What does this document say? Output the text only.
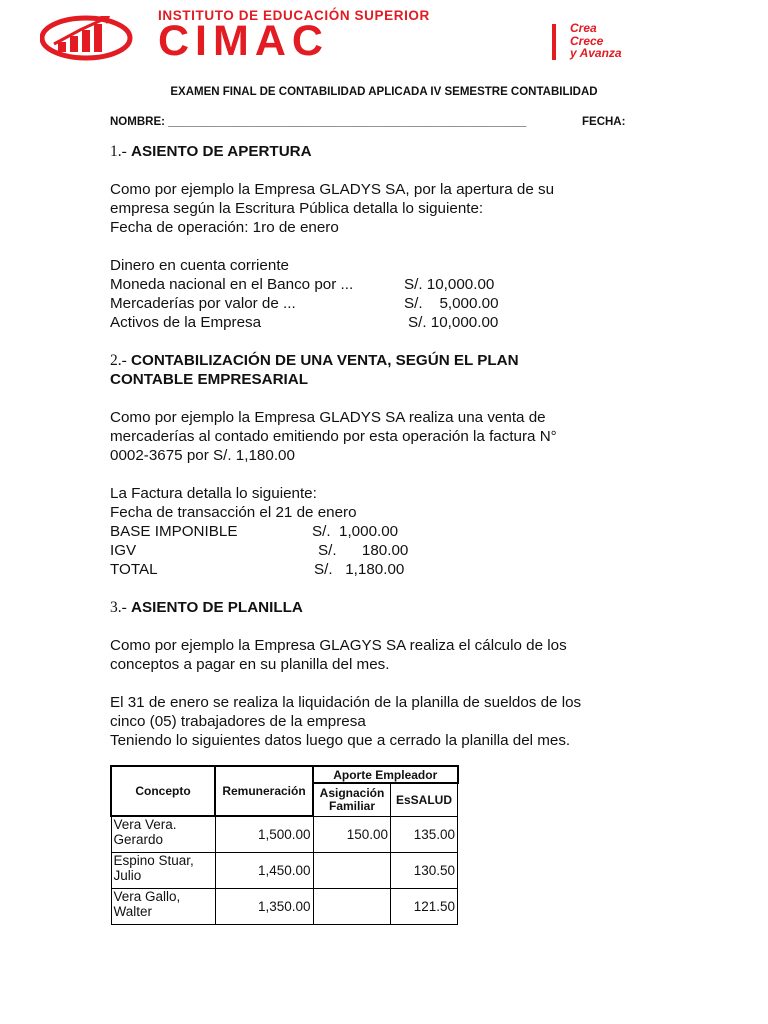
INSTITUTO DE EDUCACIÓN SUPERIOR
CIMAC	Crea
Crece
y Avanza
EXAMEN FINAL DE CONTABILIDAD APLICADA IV SEMESTRE CONTABILIDAD
NOMBRE: ________________________________________________________	FECHA:

1.- ASIENTO DE APERTURA

Como por ejemplo la Empresa GLADYS SA, por la apertura de su

empresa según la Escritura Pública detalla lo siguiente:

Fecha de operación: 1ro de enero

Dinero en cuenta corriente

Moneda nacional en el Banco por ...	S/. 10,000.00
Mercaderías por valor de ...	S/.    5,000.00
Activos de la Empresa	S/. 10,000.00

2.- CONTABILIZACIÓN DE UNA VENTA, SEGÚN EL PLAN

CONTABLE EMPRESARIAL

Como por ejemplo la Empresa GLADYS SA realiza una venta de

mercaderías al contado emitiendo por esta operación la factura N°

0002-3675 por S/. 1,180.00

La Factura detalla lo siguiente:

Fecha de transacción el 21 de enero

BASE IMPONIBLE	S/.  1,000.00
IGV	S/.      180.00
TOTAL	S/.   1,180.00

3.- ASIENTO DE PLANILLA

Como por ejemplo la Empresa GLAGYS SA realiza el cálculo de los

conceptos a pagar en su planilla del mes.

El 31 de enero se realiza la liquidación de la planilla de sueldos de los

cinco (05) trabajadores de la empresa

Teniendo lo siguientes datos luego que a cerrado la planilla del mes.

Concepto	Remuneración	Aporte Empleador	
		Asignación
Familiar	EsSALUD
Vera Vera.
Gerardo	1,500.00	150.00	135.00
Espino Stuar,
Julio	1,450.00		130.50
Vera Gallo,
Walter	1,350.00		121.50
